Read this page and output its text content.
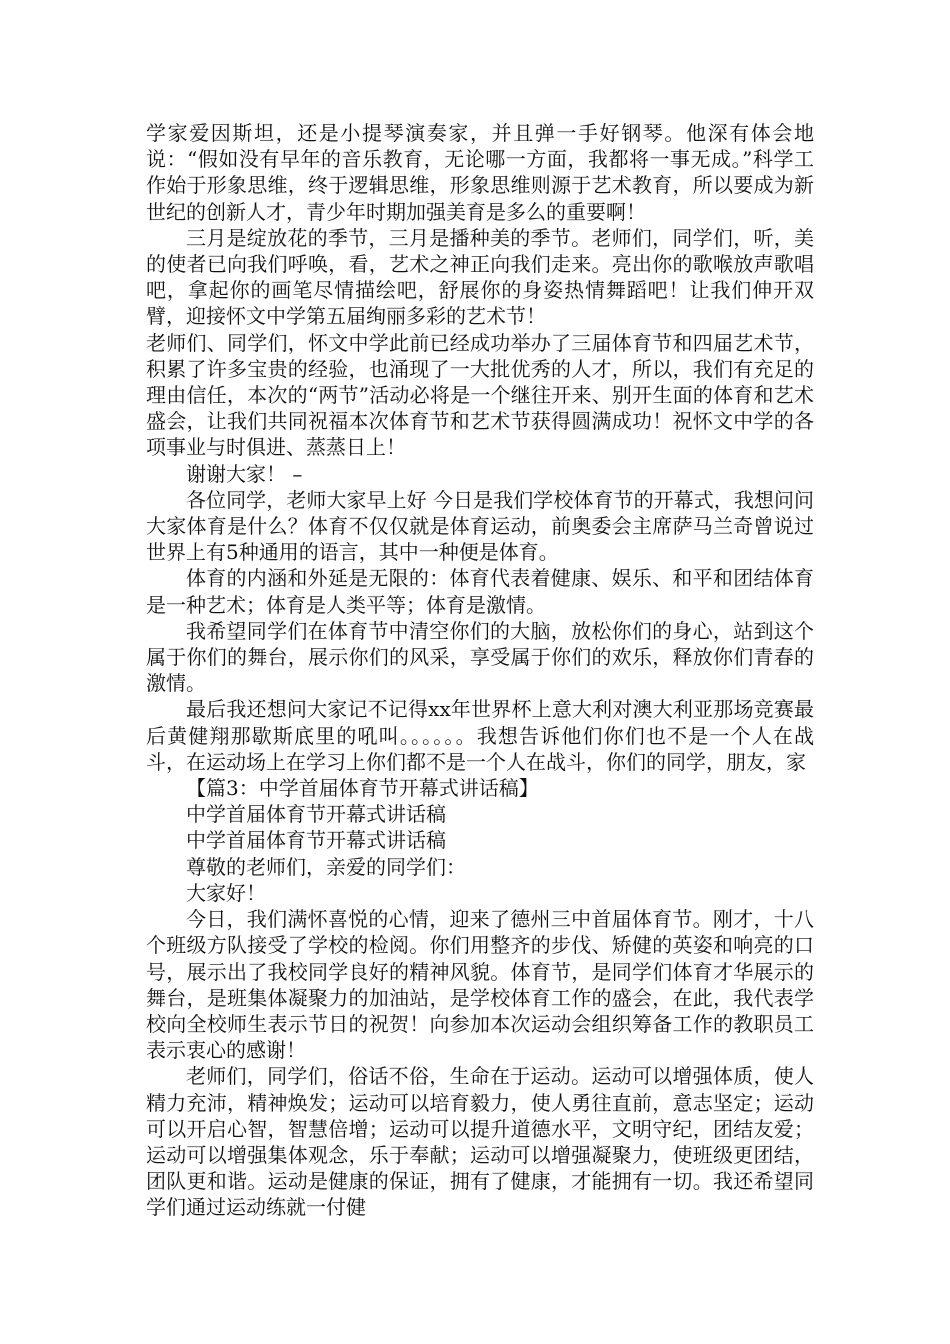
学家爱因斯坦，还是小提琴演奏家，并且弹一手好钢琴。他深有体会地说：“假如没有早年的音乐教育，无论哪一方面，我都将一事无成。”科学工作始于形象思维，终于逻辑思维，形象思维则源于艺术教育，所以要成为新世纪的创新人才，青少年时期加强美育是多么的重要啊！

三月是绽放花的季节，三月是播种美的季节。老师们，同学们，听，美的使者已向我们呼唤，看，艺术之神正向我们走来。亮出你的歌喉放声歌唱吧，拿起你的画笔尽情描绘吧，舒展你的身姿热情舞蹈吧！让我们伸开双臂，迎接怀文中学第五届绚丽多彩的艺术节！

老师们、同学们，怀文中学此前已经成功举办了三届体育节和四届艺术节，积累了许多宝贵的经验，也涌现了一大批优秀的人才，所以，我们有充足的理由信任，本次的“两节”活动必将是一个继往开来、别开生面的体育和艺术盛会，让我们共同祝福本次体育节和艺术节获得圆满成功！祝怀文中学的各项事业与时俱进、蒸蒸日上！

谢谢大家！ –

各位同学，老师大家早上好 今日是我们学校体育节的开幕式，我想问问大家体育是什么？体育不仅仅就是体育运动，前奥委会主席萨马兰奇曾说过世界上有5种通用的语言，其中一种便是体育。

体育的内涵和外延是无限的：体育代表着健康、娱乐、和平和团结体育是一种艺术；体育是人类平等；体育是激情。

我希望同学们在体育节中清空你们的大脑，放松你们的身心，站到这个属于你们的舞台，展示你们的风采，享受属于你们的欢乐，释放你们青春的激情。

最后我还想问大家记不记得xx年世界杯上意大利对澳大利亚那场竞赛最后黄健翔那歇斯底里的吼叫。。。。。。我想告诉他们你们也不是一个人在战斗，在运动场上在学习上你们都不是一个人在战斗，你们的同学，朋友，家

【篇3：中学首届体育节开幕式讲话稿】

中学首届体育节开幕式讲话稿

中学首届体育节开幕式讲话稿

尊敬的老师们，亲爱的同学们：

大家好！

今日，我们满怀喜悦的心情，迎来了德州三中首届体育节。刚才，十八个班级方队接受了学校的检阅。你们用整齐的步伐、矫健的英姿和响亮的口号，展示出了我校同学良好的精神风貌。体育节，是同学们体育才华展示的舞台，是班集体凝聚力的加油站，是学校体育工作的盛会，在此，我代表学校向全校师生表示节日的祝贺！向参加本次运动会组织筹备工作的教职员工表示衷心的感谢！

老师们，同学们，俗话不俗，生命在于运动。运动可以增强体质，使人精力充沛，精神焕发；运动可以培育毅力，使人勇往直前，意志坚定；运动可以开启心智，智慧倍增；运动可以提升道德水平，文明守纪，团结友爱；运动可以增强集体观念，乐于奉献；运动可以增强凝聚力，使班级更团结，团队更和谐。运动是健康的保证，拥有了健康，才能拥有一切。我还希望同学们通过运动练就一付健
